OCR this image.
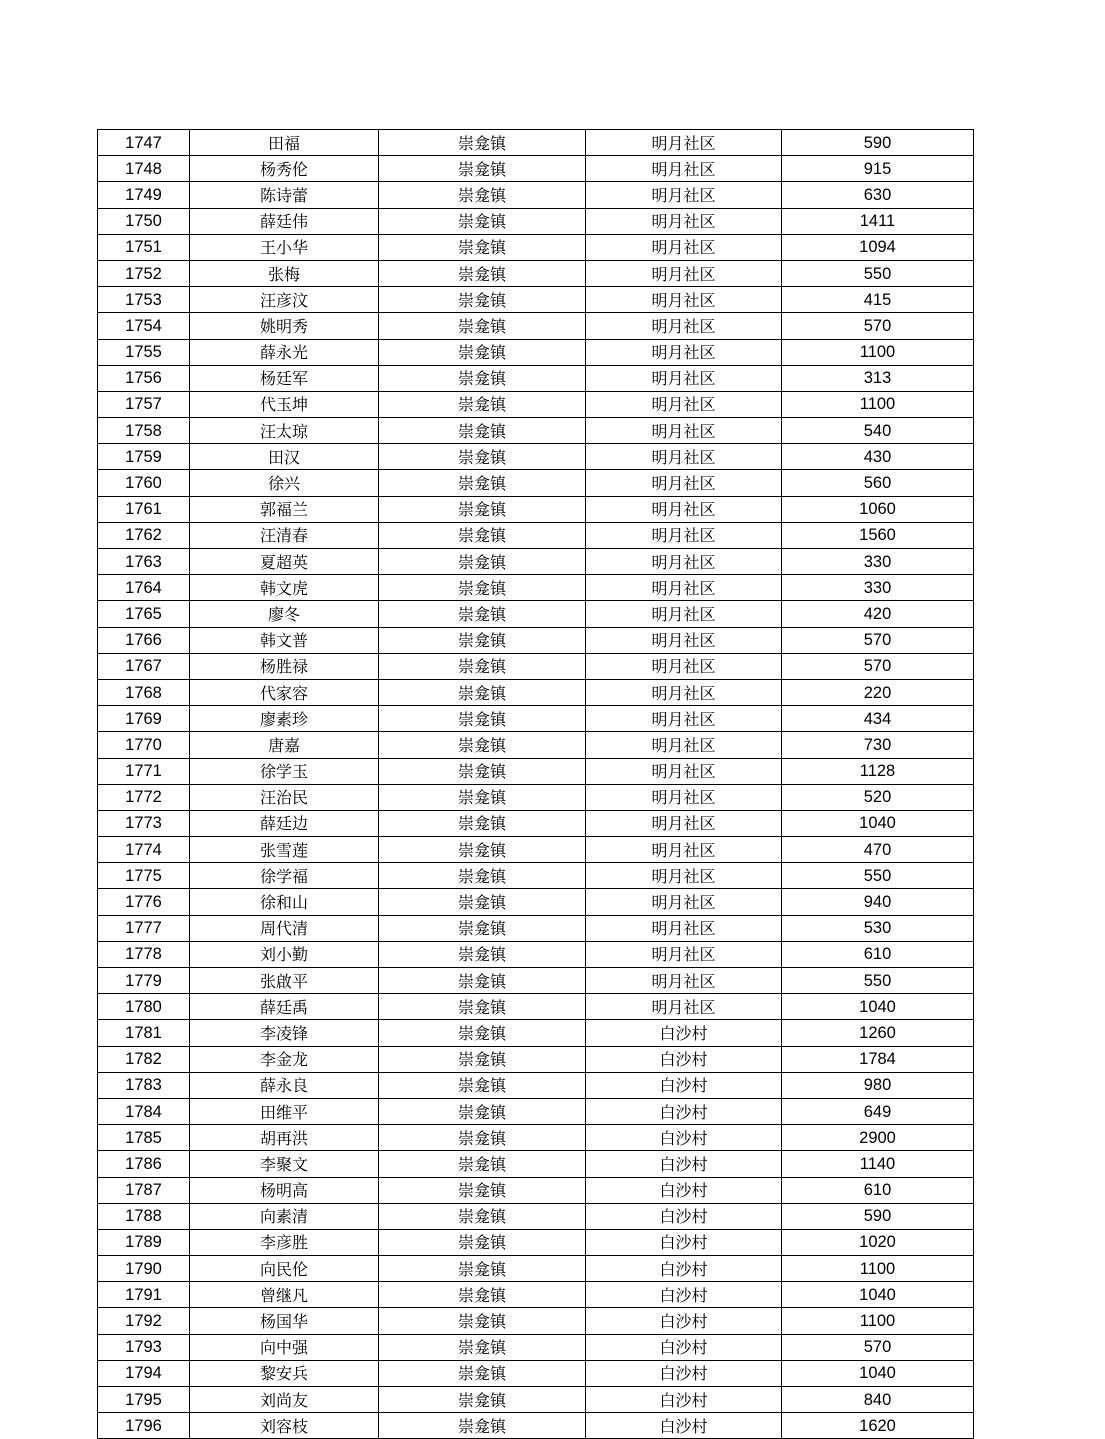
1747	田福	崇龛镇	明月社区	590
1748	杨秀伦	崇龛镇	明月社区	915
1749	陈诗蕾	崇龛镇	明月社区	630
1750	薛廷伟	崇龛镇	明月社区	1411
1751	王小华	崇龛镇	明月社区	1094
1752	张梅	崇龛镇	明月社区	550
1753	汪彦汶	崇龛镇	明月社区	415
1754	姚明秀	崇龛镇	明月社区	570
1755	薛永光	崇龛镇	明月社区	1100
1756	杨廷军	崇龛镇	明月社区	313
1757	代玉坤	崇龛镇	明月社区	1100
1758	汪太琼	崇龛镇	明月社区	540
1759	田汉	崇龛镇	明月社区	430
1760	徐兴	崇龛镇	明月社区	560
1761	郭福兰	崇龛镇	明月社区	1060
1762	汪清春	崇龛镇	明月社区	1560
1763	夏超英	崇龛镇	明月社区	330
1764	韩文虎	崇龛镇	明月社区	330
1765	廖冬	崇龛镇	明月社区	420
1766	韩文普	崇龛镇	明月社区	570
1767	杨胜禄	崇龛镇	明月社区	570
1768	代家容	崇龛镇	明月社区	220
1769	廖素珍	崇龛镇	明月社区	434
1770	唐嘉	崇龛镇	明月社区	730
1771	徐学玉	崇龛镇	明月社区	1128
1772	汪治民	崇龛镇	明月社区	520
1773	薛廷边	崇龛镇	明月社区	1040
1774	张雪莲	崇龛镇	明月社区	470
1775	徐学福	崇龛镇	明月社区	550
1776	徐和山	崇龛镇	明月社区	940
1777	周代清	崇龛镇	明月社区	530
1778	刘小勤	崇龛镇	明月社区	610
1779	张啟平	崇龛镇	明月社区	550
1780	薛廷禹	崇龛镇	明月社区	1040
1781	李凌锋	崇龛镇	白沙村	1260
1782	李金龙	崇龛镇	白沙村	1784
1783	薛永良	崇龛镇	白沙村	980
1784	田维平	崇龛镇	白沙村	649
1785	胡再洪	崇龛镇	白沙村	2900
1786	李聚文	崇龛镇	白沙村	1140
1787	杨明高	崇龛镇	白沙村	610
1788	向素清	崇龛镇	白沙村	590
1789	李彦胜	崇龛镇	白沙村	1020
1790	向民伦	崇龛镇	白沙村	1100
1791	曾继凡	崇龛镇	白沙村	1040
1792	杨国华	崇龛镇	白沙村	1100
1793	向中强	崇龛镇	白沙村	570
1794	黎安兵	崇龛镇	白沙村	1040
1795	刘尚友	崇龛镇	白沙村	840
1796	刘容枝	崇龛镇	白沙村	1620
